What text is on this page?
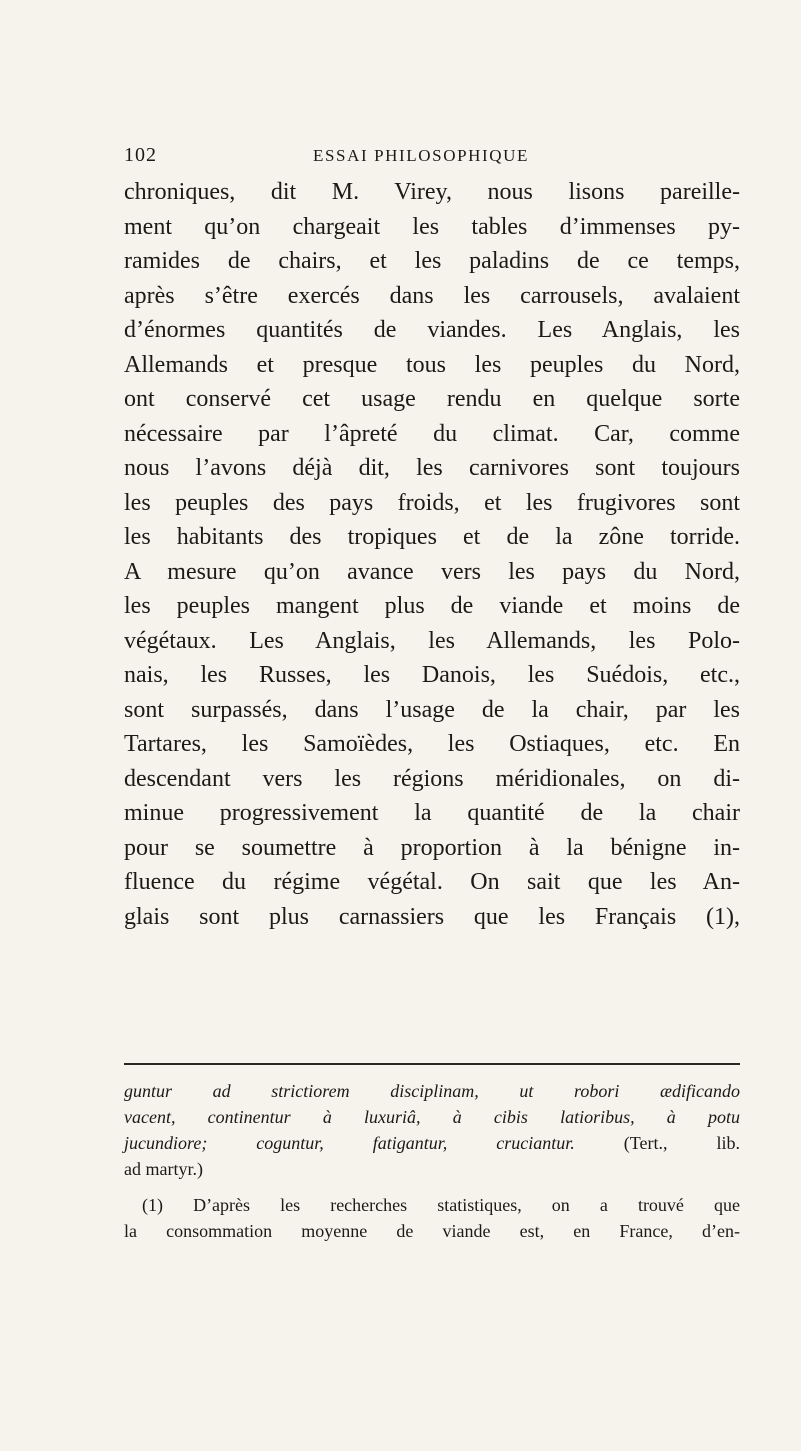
102	ESSAI PHILOSOPHIQUE
chroniques, dit M. Virey, nous lisons pareille-
ment qu’on chargeait les tables d’immenses py-
ramides de chairs, et les paladins de ce temps,
après s’être exercés dans les carrousels, avalaient
d’énormes quantités de viandes. Les Anglais, les
Allemands et presque tous les peuples du Nord,
ont conservé cet usage rendu en quelque sorte
nécessaire par l’âpreté du climat. Car, comme
nous l’avons déjà dit, les carnivores sont toujours
les peuples des pays froids, et les frugivores sont
les habitants des tropiques et de la zône torride.
A mesure qu’on avance vers les pays du Nord,
les peuples mangent plus de viande et moins de
végétaux. Les Anglais, les Allemands, les Polo-
nais, les Russes, les Danois, les Suédois, etc.,
sont surpassés, dans l’usage de la chair, par les
Tartares, les Samoïèdes, les Ostiaques, etc. En
descendant vers les régions méridionales, on di-
minue progressivement la quantité de la chair
pour se soumettre à proportion à la bénigne in-
fluence du régime végétal. On sait que les An-
glais sont plus carnassiers que les Français (1),
guntur ad strictiorem disciplinam, ut robori ædificando
vacent, continentur à luxuriâ, à cibis latioribus, à potu
jucundiore; coguntur, fatigantur, cruciantur. (Tert., lib.
ad martyr.)
(1) D’après les recherches statistiques, on a trouvé que
la consommation moyenne de viande est, en France, d’en-
